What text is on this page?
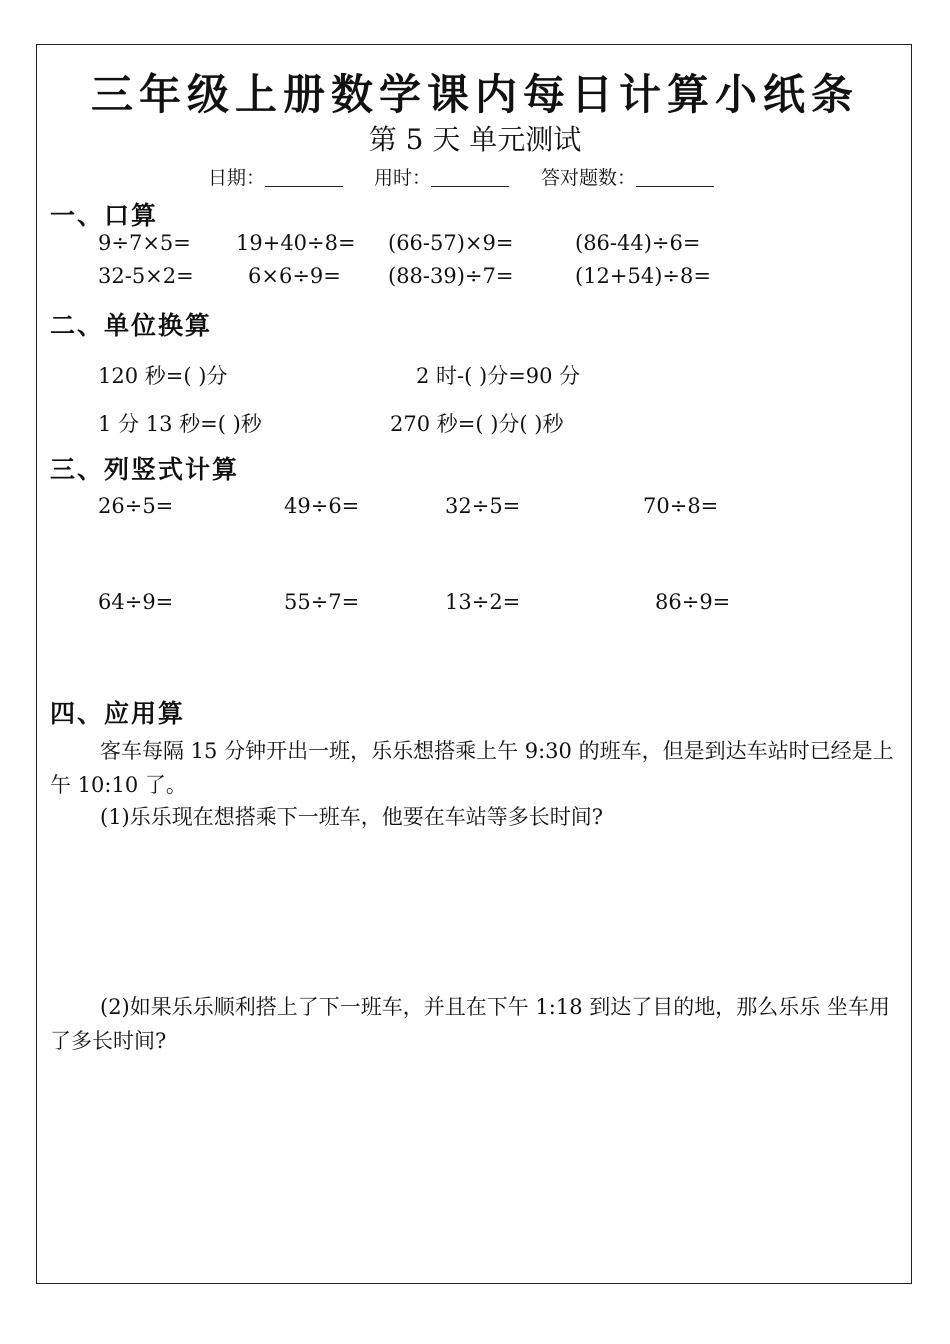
三年级上册数学课内每日计算小纸条
第 5 天 单元测试
日期：	用时：	答对题数：
一、口算
9÷7×5= 19+40÷8= (66-57)×9=	(86-44)÷6=
32-5×2=	6×6÷9= (88-39)÷7=	(12+54)÷8=
二、单位换算
120 秒=( )分	2 时-( )分=90 分
1 分 13 秒=( )秒	270 秒=( )分( )秒
三、列竖式计算
26÷5=	49÷6=	32÷5=	70÷8=
64÷9=	55÷7=	13÷2=	86÷9=
四、应用算
客车每隔 15 分钟开出一班，乐乐想搭乘上午 9:30 的班车，但是到达车站时已经是上午 10:10 了。
(1)乐乐现在想搭乘下一班车，他要在车站等多长时间?
(2)如果乐乐顺利搭上了下一班车，并且在下午 1:18 到达了目的地，那么乐乐 坐车用了多长时间?
